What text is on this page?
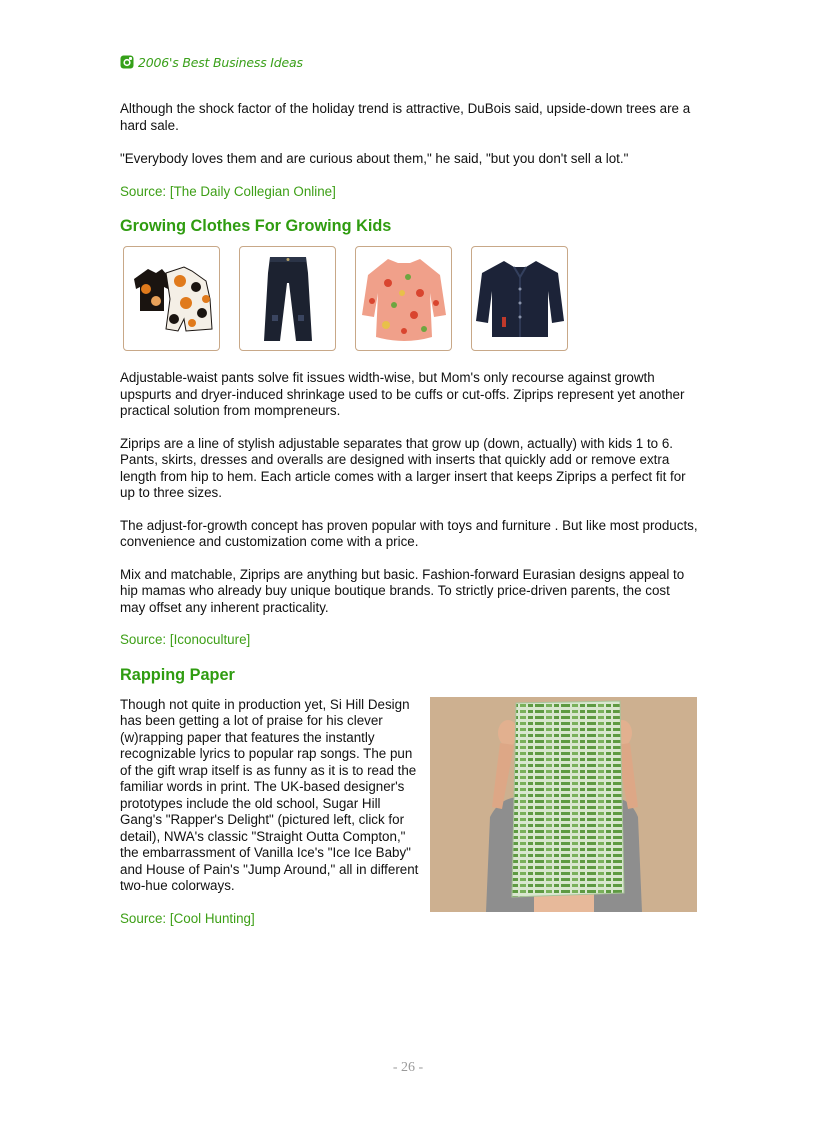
2006's Best Business Ideas

Although the shock factor of the holiday trend is attractive, DuBois said, upside-down trees are a hard sale.

"Everybody loves them and are curious about them," he said, "but you don't sell a lot."

Source: [The Daily Collegian Online]
Growing Clothes For Growing Kids

Adjustable-waist pants solve fit issues width-wise, but Mom's only recourse against growth upspurts and dryer-induced shrinkage used to be cuffs or cut-offs. Ziprips represent yet another practical solution from mompreneurs.

Ziprips are a line of stylish adjustable separates that grow up (down, actually) with kids 1 to 6. Pants, skirts, dresses and overalls are designed with inserts that quickly add or remove extra length from hip to hem. Each article comes with a larger insert that keeps Ziprips a perfect fit for up to three sizes.

The adjust-for-growth concept has proven popular with toys and furniture . But like most products, convenience and customization come with a price.

Mix and matchable, Ziprips are anything but basic. Fashion-forward Eurasian designs appeal to hip mamas who already buy unique boutique brands. To strictly price-driven parents, the cost may offset any inherent practicality.

Source: [Iconoculture]
Rapping Paper

Though not quite in production yet, Si Hill Design has been getting a lot of praise for his clever (w)rapping paper that features the instantly recognizable lyrics to popular rap songs. The pun of the gift wrap itself is as funny as it is to read the familiar words in print. The UK-based designer's prototypes include the old school, Sugar Hill Gang's "Rapper's Delight" (pictured left, click for detail), NWA's classic "Straight Outta Compton," the embarrassment of Vanilla Ice's "Ice Ice Baby" and House of Pain's "Jump Around," all in different two-hue colorways.

Source: [Cool Hunting]
- 26 -
